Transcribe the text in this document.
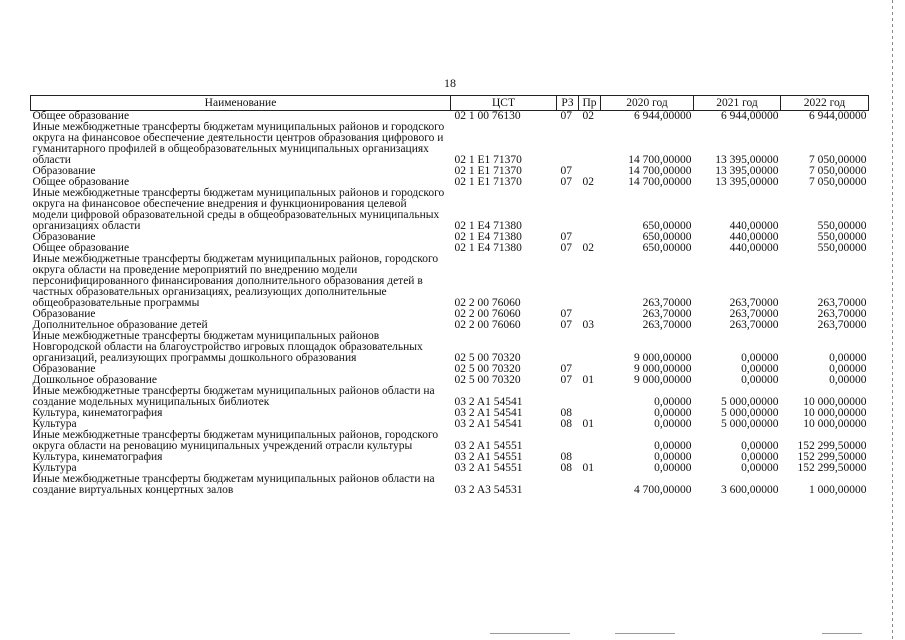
18
Наименование	ЦСТ	РЗ	Пр	2020 год	2021 год	2022 год
Общее образование	02 1 00 76130	07	02	6 944,00000	6 944,00000	6 944,00000
Иные межбюджетные трансферты бюджетам муниципальных районов и городского округа на финансовое обеспечение деятельности центров образования цифрового и гуманитарного профилей в общеобразовательных муниципальных организациях области	02 1 E1 71370			14 700,00000	13 395,00000	7 050,00000
Образование	02 1 E1 71370	07		14 700,00000	13 395,00000	7 050,00000
Общее образование	02 1 E1 71370	07	02	14 700,00000	13 395,00000	7 050,00000
Иные межбюджетные трансферты бюджетам муниципальных районов и городского округа на финансовое обеспечение внедрения и функционирования целевой модели цифровой образовательной среды в общеобразовательных муниципальных организациях области	02 1 E4 71380			650,00000	440,00000	550,00000
Образование	02 1 E4 71380	07		650,00000	440,00000	550,00000
Общее образование	02 1 E4 71380	07	02	650,00000	440,00000	550,00000
Иные межбюджетные трансферты бюджетам муниципальных районов, городского округа области на проведение мероприятий по внедрению модели персонифицированного финансирования дополнительного образования детей в частных образовательных организациях, реализующих дополнительные общеобразовательные программы	02 2 00 76060			263,70000	263,70000	263,70000
Образование	02 2 00 76060	07		263,70000	263,70000	263,70000
Дополнительное образование детей	02 2 00 76060	07	03	263,70000	263,70000	263,70000
Иные межбюджетные трансферты бюджетам муниципальных районов Новгородской области на благоустройство игровых площадок образовательных организаций, реализующих программы дошкольного образования	02 5 00 70320			9 000,00000	0,00000	0,00000
Образование	02 5 00 70320	07		9 000,00000	0,00000	0,00000
Дошкольное образование	02 5 00 70320	07	01	9 000,00000	0,00000	0,00000
Иные межбюджетные трансферты бюджетам муниципальных районов области на создание модельных муниципальных библиотек	03 2 A1 54541			0,00000	5 000,00000	10 000,00000
Культура, кинематография	03 2 A1 54541	08		0,00000	5 000,00000	10 000,00000
Культура	03 2 A1 54541	08	01	0,00000	5 000,00000	10 000,00000
Иные межбюджетные трансферты бюджетам муниципальных районов, городского округа области на реновацию муниципальных учреждений отрасли культуры	03 2 A1 54551			0,00000	0,00000	152 299,50000
Культура, кинематография	03 2 A1 54551	08		0,00000	0,00000	152 299,50000
Культура	03 2 A1 54551	08	01	0,00000	0,00000	152 299,50000
Иные межбюджетные трансферты бюджетам муниципальных районов области на создание виртуальных концертных залов	03 2 A3 54531			4 700,00000	3 600,00000	1 000,00000
